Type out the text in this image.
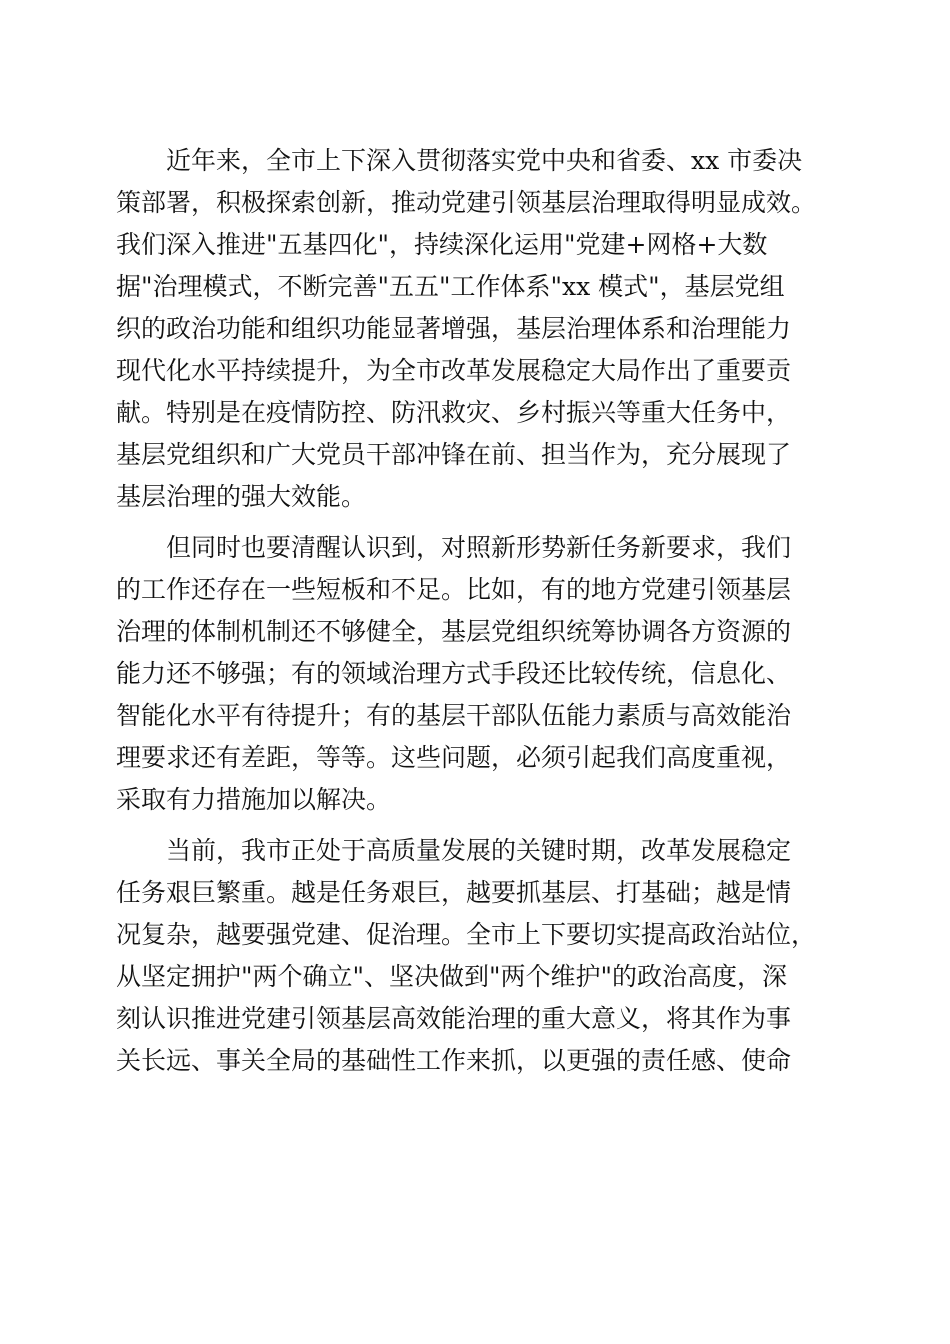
近年来，全市上下深入贯彻落实党中央和省委、xx 市委决
策部署，积极探索创新，推动党建引领基层治理取得明显成效。
我们深入推进"五基四化"，持续深化运用"党建+网格+大数
据"治理模式，不断完善"五五"工作体系"xx 模式"，基层党组
织的政治功能和组织功能显著增强，基层治理体系和治理能力
现代化水平持续提升，为全市改革发展稳定大局作出了重要贡
献。特别是在疫情防控、防汛救灾、乡村振兴等重大任务中，
基层党组织和广大党员干部冲锋在前、担当作为，充分展现了
基层治理的强大效能。
但同时也要清醒认识到，对照新形势新任务新要求，我们
的工作还存在一些短板和不足。比如，有的地方党建引领基层
治理的体制机制还不够健全，基层党组织统筹协调各方资源的
能力还不够强；有的领域治理方式手段还比较传统，信息化、
智能化水平有待提升；有的基层干部队伍能力素质与高效能治
理要求还有差距，等等。这些问题，必须引起我们高度重视，
采取有力措施加以解决。
当前，我市正处于高质量发展的关键时期，改革发展稳定
任务艰巨繁重。越是任务艰巨，越要抓基层、打基础；越是情
况复杂，越要强党建、促治理。全市上下要切实提高政治站位，
从坚定拥护"两个确立"、坚决做到"两个维护"的政治高度，深
刻认识推进党建引领基层高效能治理的重大意义，将其作为事
关长远、事关全局的基础性工作来抓，以更强的责任感、使命
